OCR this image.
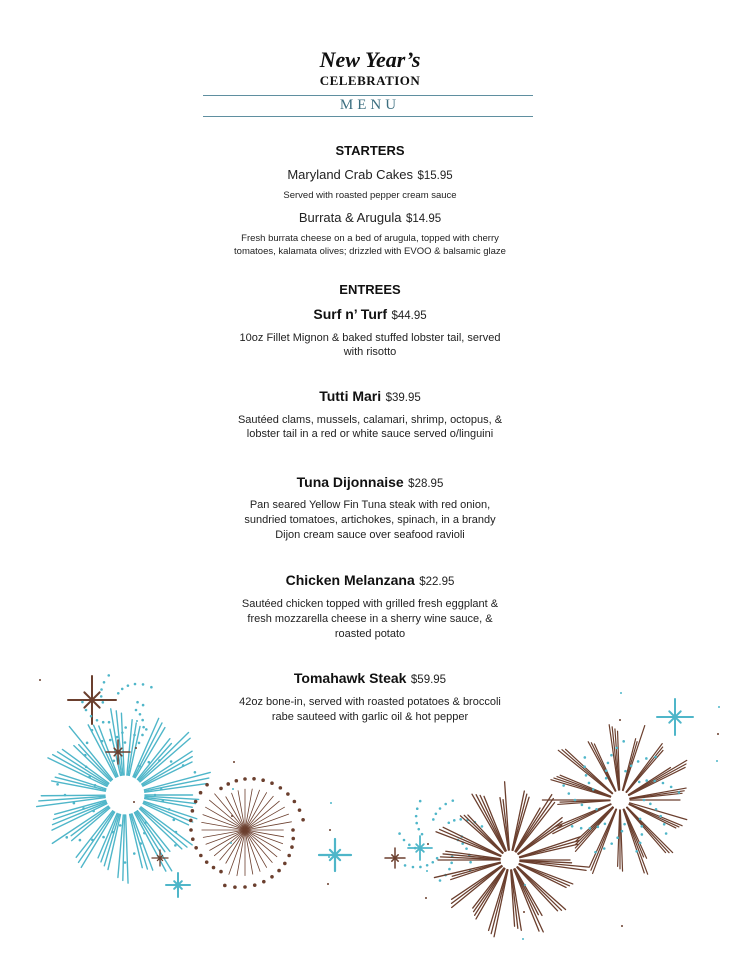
New Year’s
CELEBRATION
MENU
STARTERS
Maryland Crab Cakes $15.95
Served with roasted pepper cream sauce
Burrata & Arugula $14.95
Fresh burrata cheese on a bed of arugula, topped with cherry
tomatoes, kalamata olives; drizzled with EVOO & balsamic glaze
ENTREES
Surf n’ Turf $44.95
10oz Fillet Mignon & baked stuffed lobster tail, served
with risotto
Tutti Mari $39.95
Sautéed clams, mussels, calamari, shrimp, octopus, &
lobster tail in a red or white sauce served o/linguini
Tuna Dijonnaise $28.95
Pan seared Yellow Fin Tuna steak with red onion,
sundried tomatoes, artichokes, spinach, in a brandy
Dijon cream sauce over seafood ravioli
Chicken Melanzana $22.95
Sautéed chicken topped with grilled fresh eggplant &
fresh mozzarella cheese in a sherry wine sauce, &
roasted potato
Tomahawk Steak $59.95
42oz bone-in, served with roasted potatoes & broccoli
rabe sauteed with garlic oil & hot pepper
